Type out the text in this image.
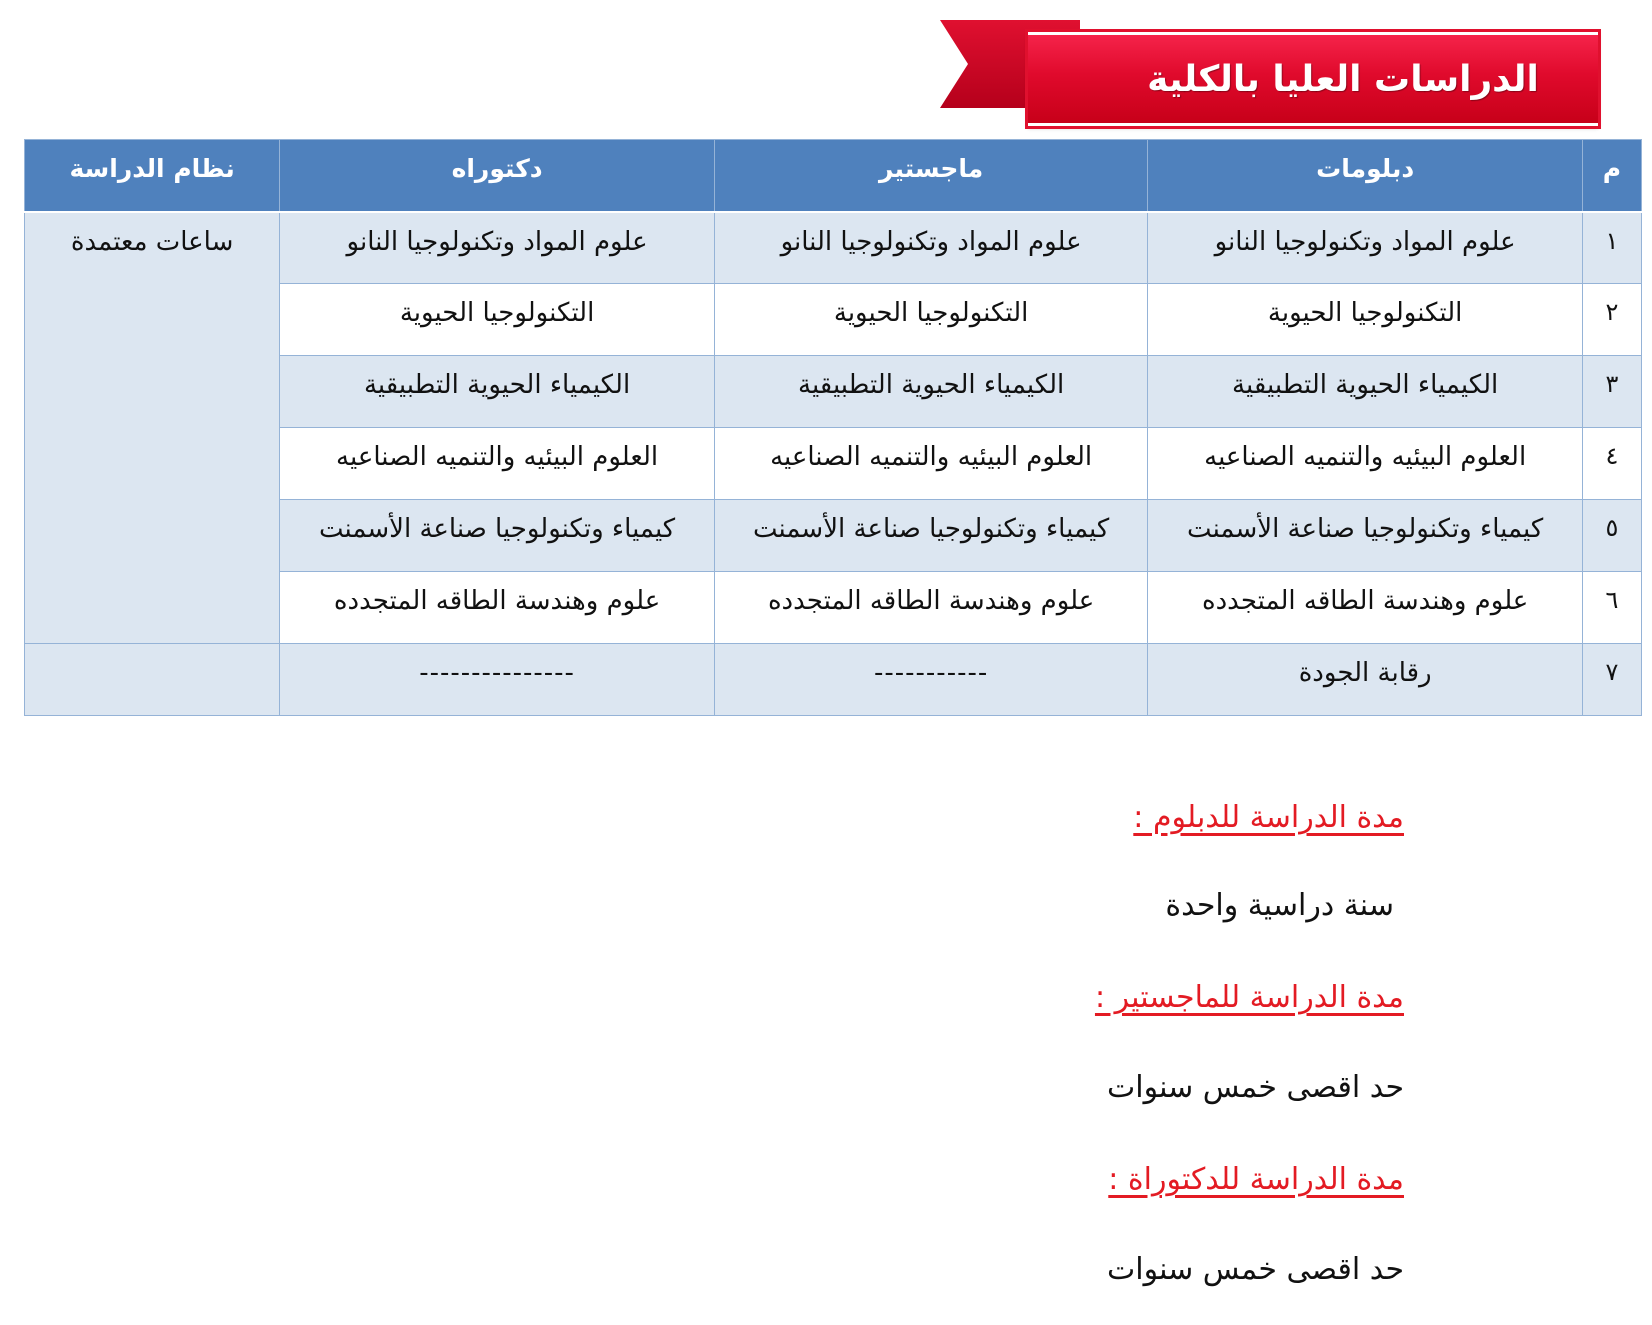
الدراسات العليا بالكلية
م	دبلومات	ماجستير	دكتوراه	نظام الدراسة
١	علوم المواد وتكنولوجيا النانو	علوم المواد وتكنولوجيا النانو	علوم المواد وتكنولوجيا النانو	ساعات معتمدة
٢	التكنولوجيا الحيوية	التكنولوجيا الحيوية	التكنولوجيا الحيوية	
٣	الكيمياء الحيوية التطبيقية	الكيمياء الحيوية التطبيقية	الكيمياء الحيوية التطبيقية	
٤	العلوم البيئيه والتنميه الصناعيه	العلوم البيئيه والتنميه الصناعيه	العلوم البيئيه والتنميه الصناعيه	
٥	كيمياء وتكنولوجيا صناعة الأسمنت	كيمياء وتكنولوجيا صناعة الأسمنت	كيمياء وتكنولوجيا صناعة الأسمنت	
٦	علوم وهندسة الطاقه المتجدده	علوم وهندسة الطاقه المتجدده	علوم وهندسة الطاقه المتجدده	
٧	رقابة الجودة	-----------	---------------	
مدة الدراسة للدبلوم :
سنة دراسية واحدة
مدة الدراسة للماجستير :
حد اقصى خمس سنوات
مدة الدراسة للدكتوراة :
حد اقصى خمس سنوات
